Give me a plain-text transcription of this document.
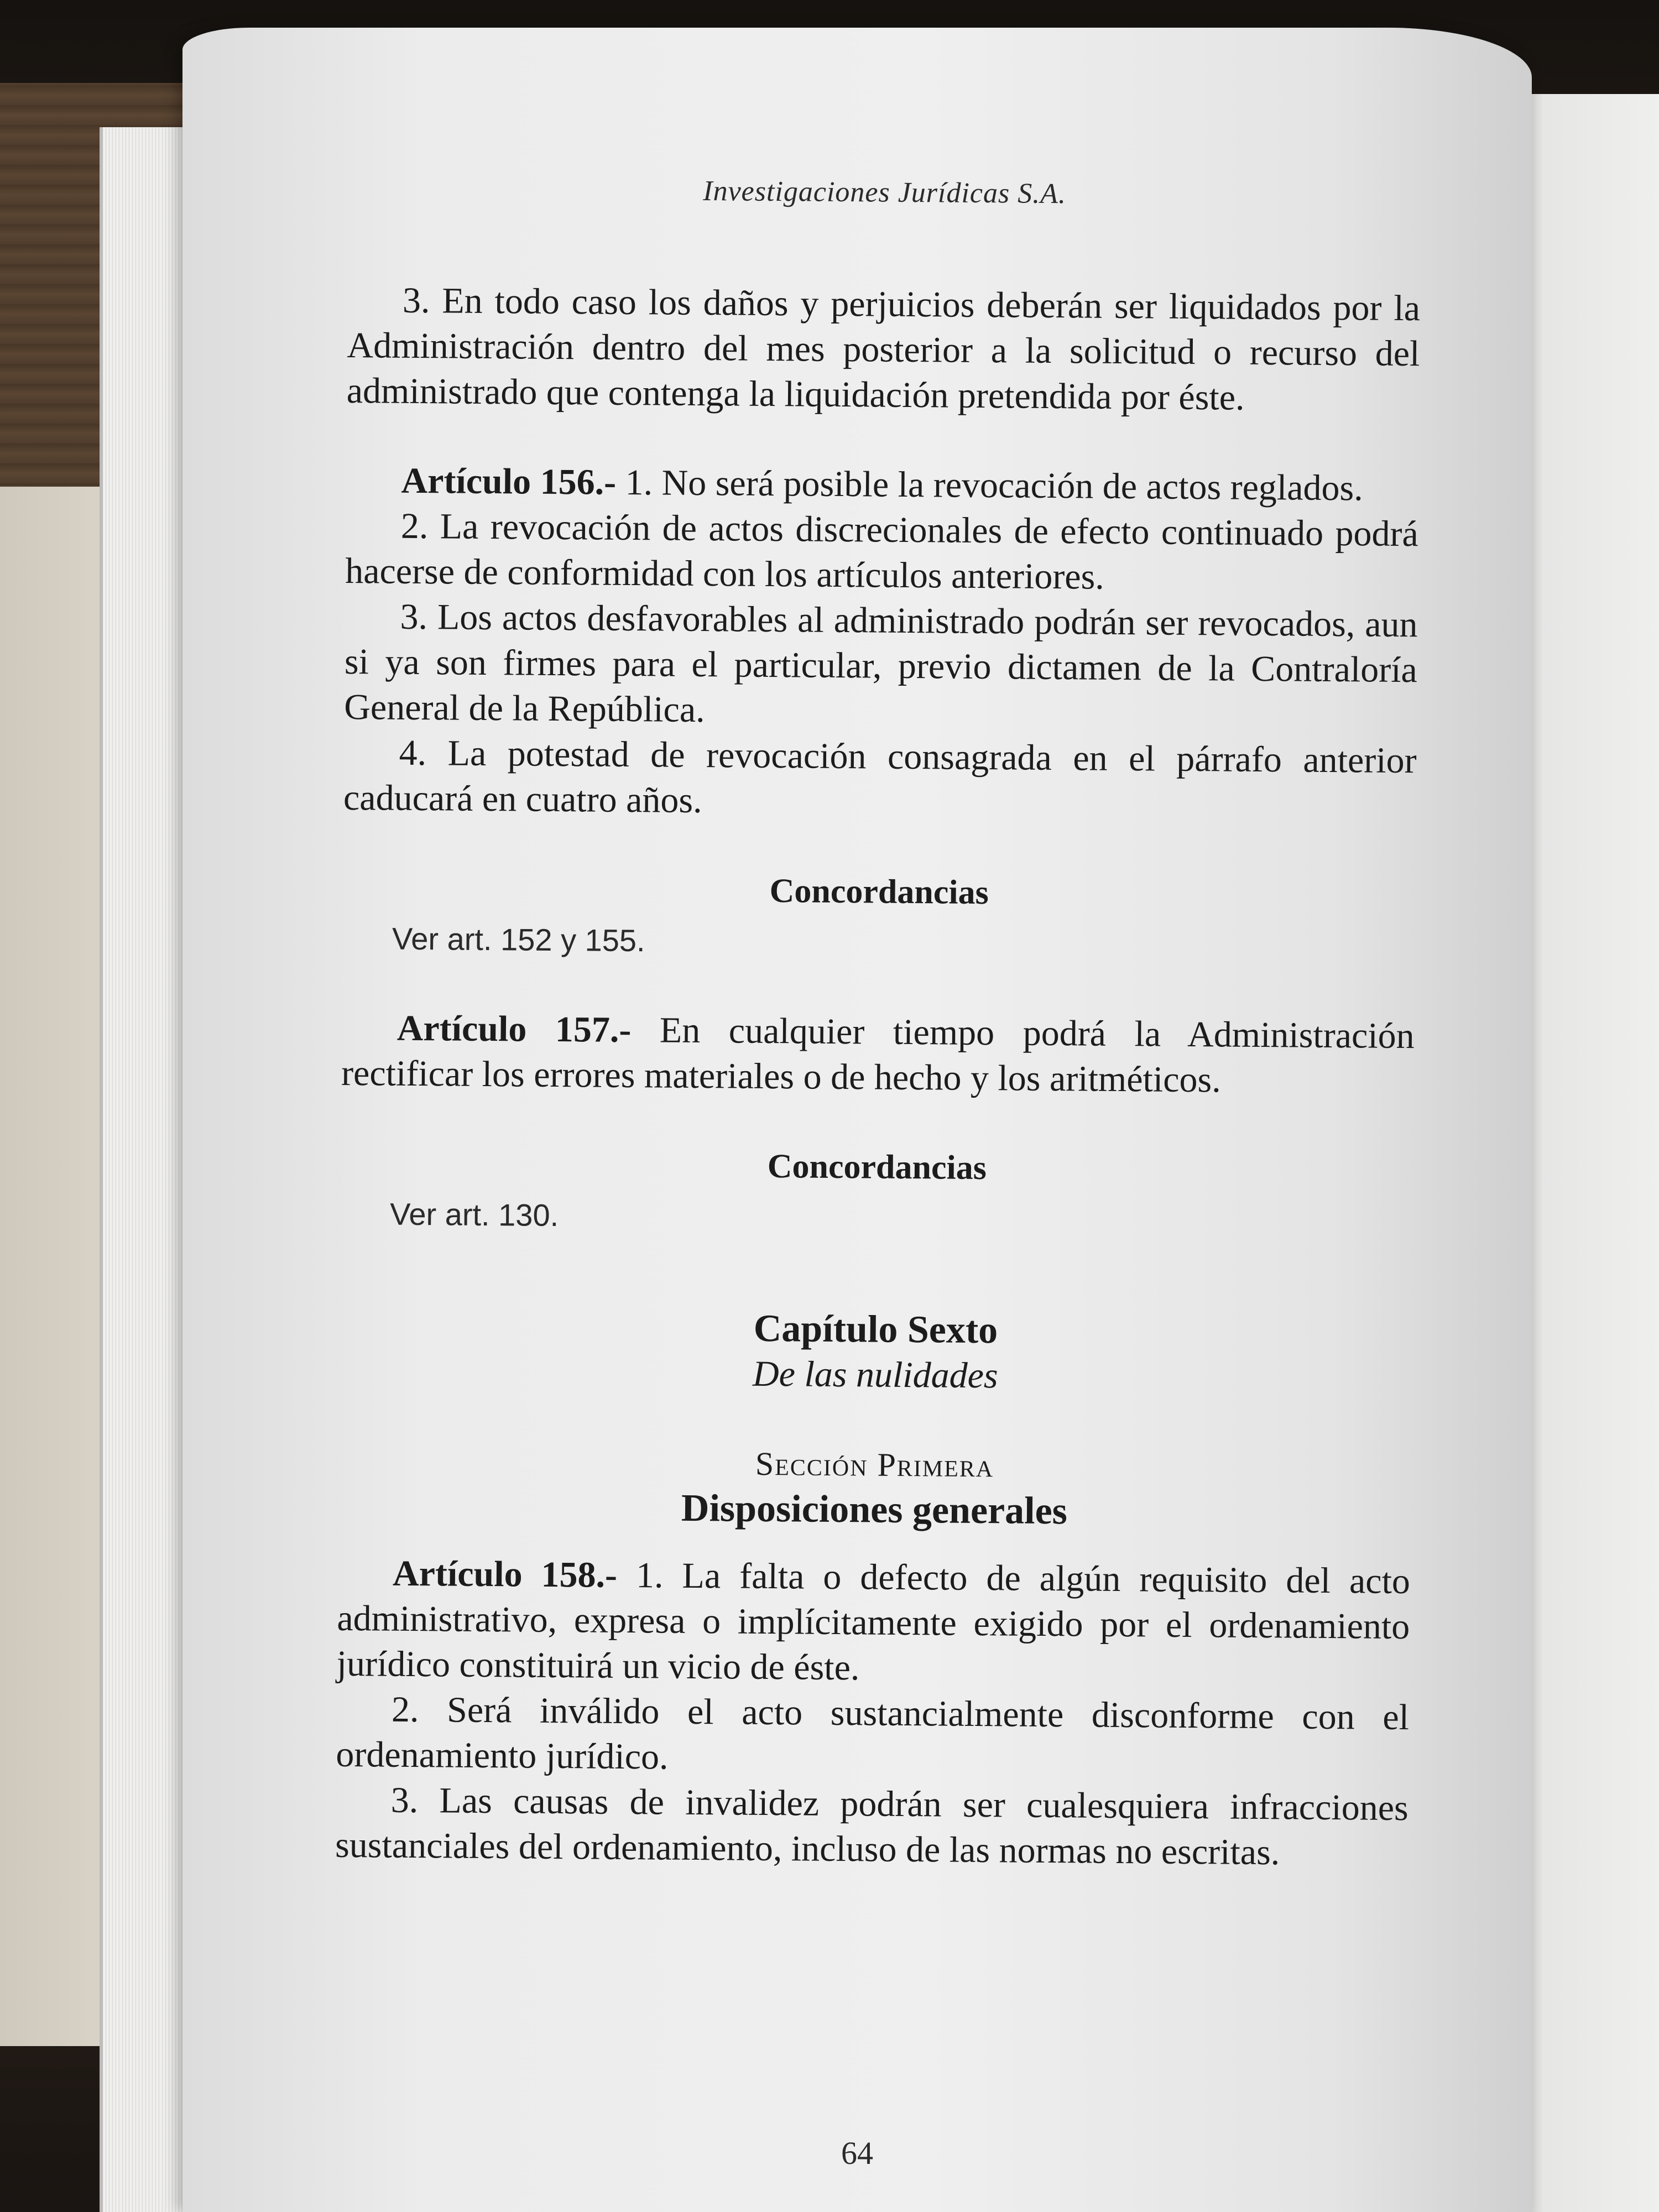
Investigaciones Jurídicas S.A.

3. En todo caso los daños y perjuicios deberán ser liquidados por la Administración dentro del mes posterior a la solicitud o recurso del administrado que contenga la liquidación pretendida por éste.

Artículo 156.- 1. No será posible la revocación de actos reglados.

2. La revocación de actos discrecionales de efecto continuado podrá hacerse de conformidad con los artículos anteriores.

3. Los actos desfavorables al administrado podrán ser revocados, aun si ya son firmes para el particular, previo dictamen de la Contraloría General de la República.

4. La potestad de revocación consagrada en el párrafo anterior caducará en cuatro años.

Concordancias

Ver art. 152 y 155.

Artículo 157.- En cualquier tiempo podrá la Administración rectificar los errores materiales o de hecho y los aritméticos.

Concordancias

Ver art. 130.

Capítulo Sexto

De las nulidades

Sección Primera

Disposiciones generales

Artículo 158.- 1. La falta o defecto de algún requisito del acto administrativo, expresa o implícitamente exigido por el ordenamiento jurídico constituirá un vicio de éste.

2. Será inválido el acto sustancialmente disconforme con el ordenamiento jurídico.

3. Las causas de invalidez podrán ser cualesquiera infracciones sustanciales del ordenamiento, incluso de las normas no escritas.

64
